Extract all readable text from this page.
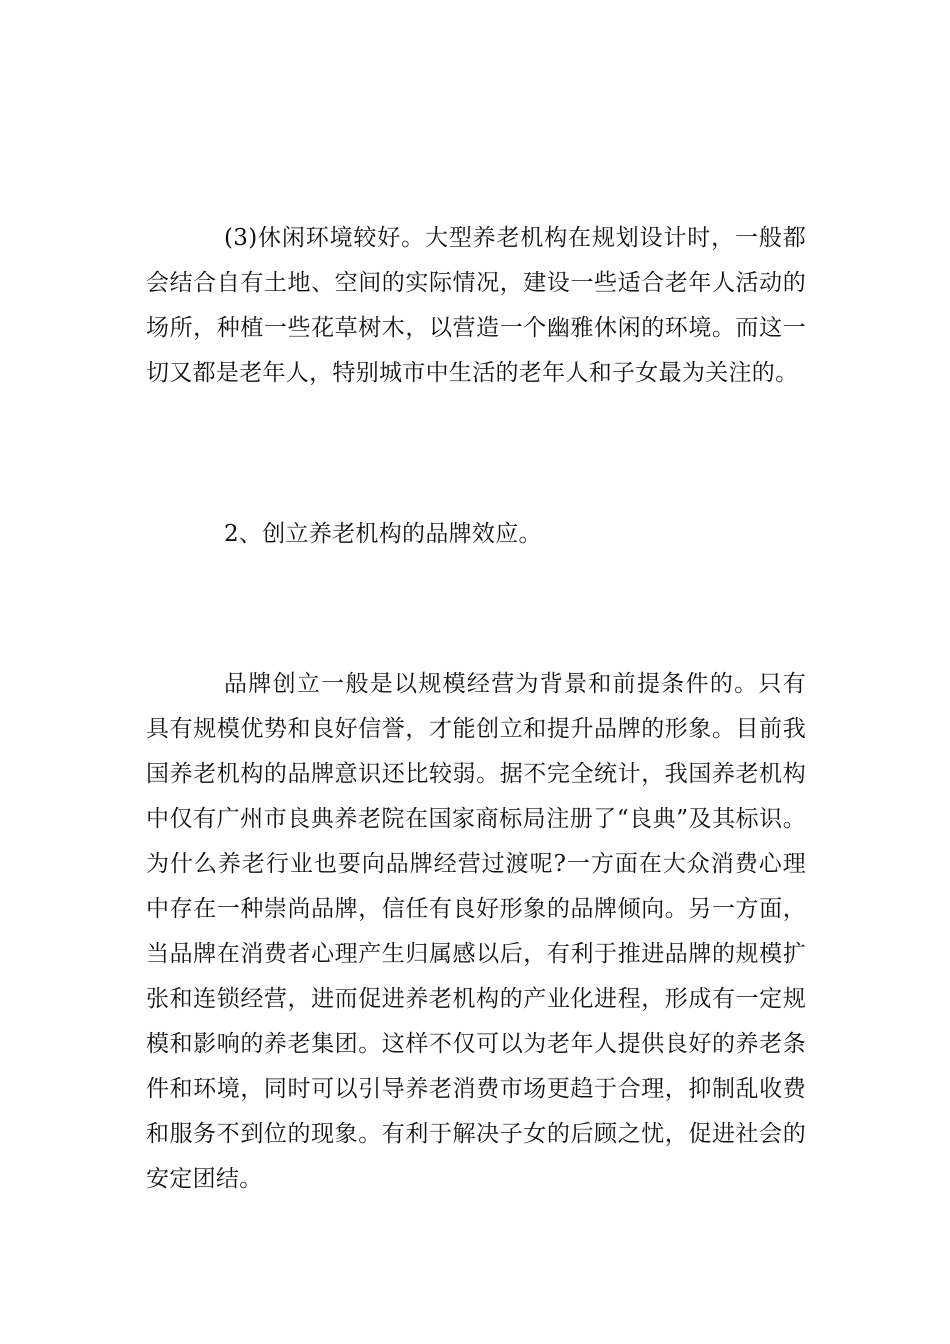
(3)休闲环境较好。大型养老机构在规划设计时，一般都会结合自有土地、空间的实际情况，建设一些适合老年人活动的场所，种植一些花草树木，以营造一个幽雅休闲的环境。而这一切又都是老年人，特别城市中生活的老年人和子女最为关注的。

2、创立养老机构的品牌效应。

品牌创立一般是以规模经营为背景和前提条件的。只有具有规模优势和良好信誉，才能创立和提升品牌的形象。目前我国养老机构的品牌意识还比较弱。据不完全统计，我国养老机构中仅有广州市良典养老院在国家商标局注册了“良典”及其标识。为什么养老行业也要向品牌经营过渡呢?一方面在大众消费心理中存在一种崇尚品牌，信任有良好形象的品牌倾向。另一方面，当品牌在消费者心理产生归属感以后，有利于推进品牌的规模扩张和连锁经营，进而促进养老机构的产业化进程，形成有一定规模和影响的养老集团。这样不仅可以为老年人提供良好的养老条件和环境，同时可以引导养老消费市场更趋于合理，抑制乱收费和服务不到位的现象。有利于解决子女的后顾之忧，促进社会的安定团结。
